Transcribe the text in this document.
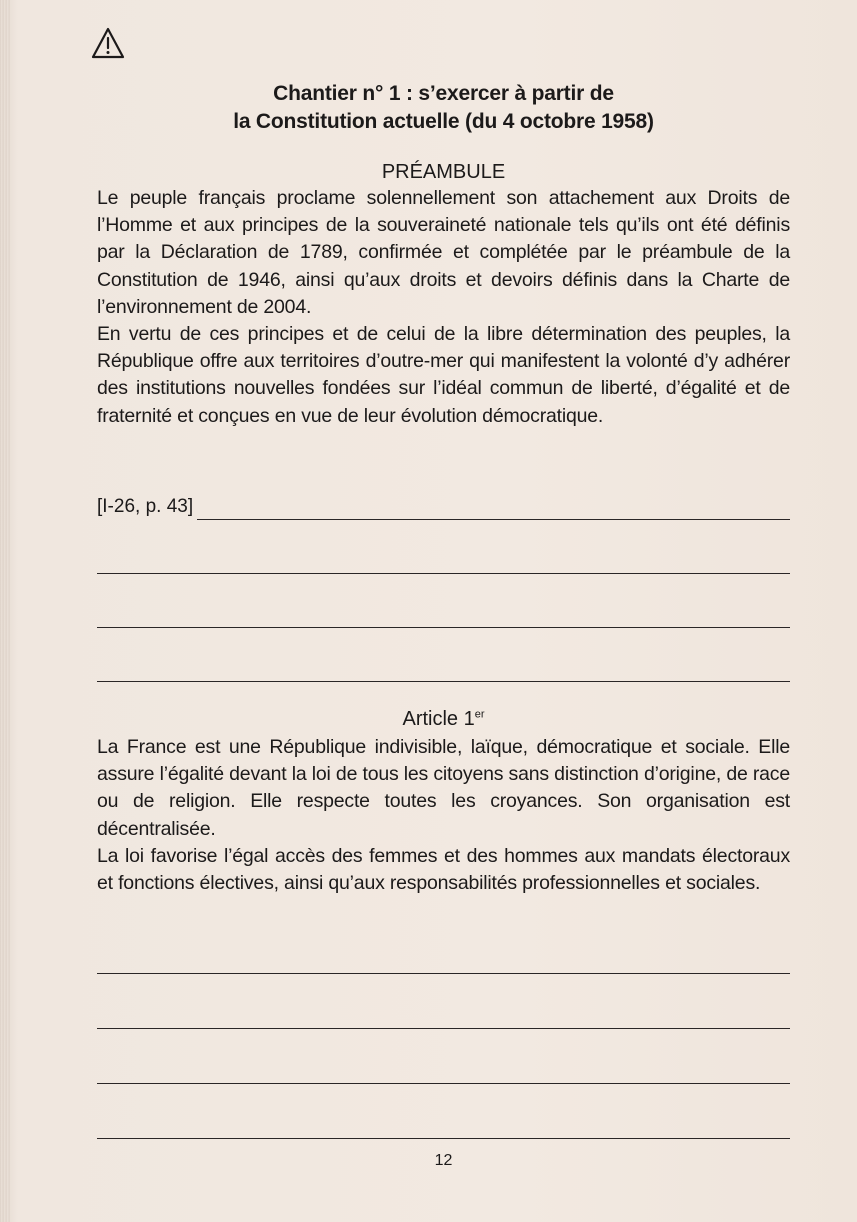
Chantier n° 1 : s’exercer à partir de
la Constitution actuelle (du 4 octobre 1958)
PRÉAMBULE

Le peuple français proclame solennellement son attachement aux Droits de l’Homme et aux principes de la souveraineté nationale tels qu’ils ont été définis par la Déclaration de 1789, confirmée et complétée par le préambule de la Constitution de 1946, ainsi qu’aux droits et devoirs définis dans la Charte de l’environnement de 2004.

En vertu de ces principes et de celui de la libre détermination des peuples, la République offre aux territoires d’outre-mer qui manifestent la volonté d’y adhérer des institutions nouvelles fondées sur l’idéal commun de liberté, d’égalité et de fraternité et conçues en vue de leur évolution démocratique.

[I-26, p. 43]
Article 1er

La France est une République indivisible, laïque, démocratique et sociale. Elle assure l’égalité devant la loi de tous les citoyens sans distinction d’origine, de race ou de religion. Elle respecte toutes les croyances. Son organisation est décentralisée.

La loi favorise l’égal accès des femmes et des hommes aux mandats électoraux et fonctions électives, ainsi qu’aux responsabilités professionnelles et sociales.

12
